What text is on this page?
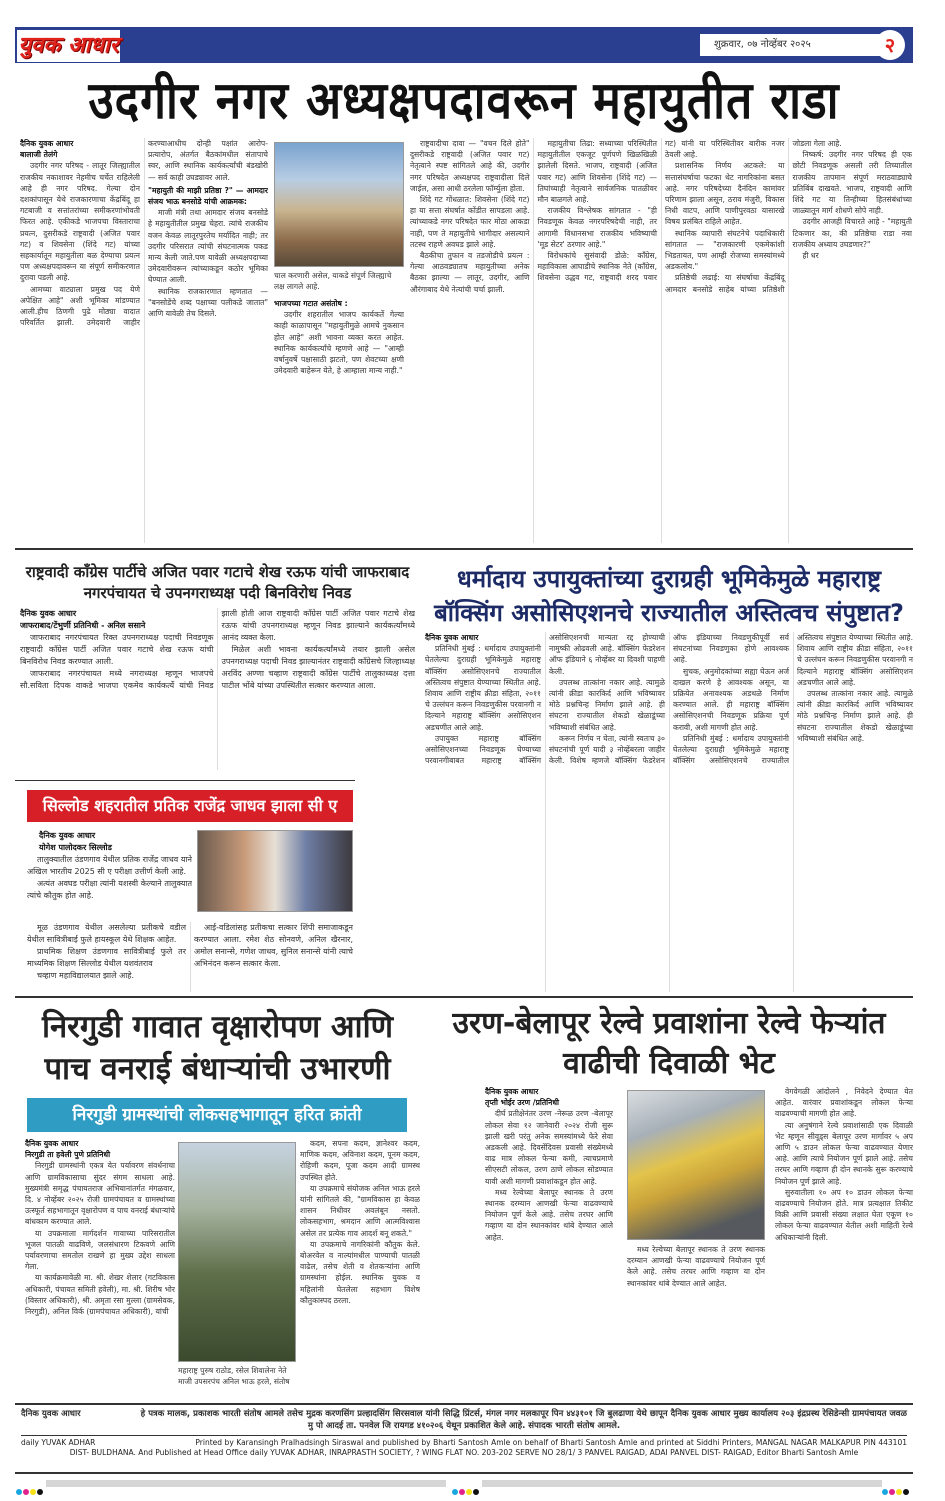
युवक आधार	शुक्रवार, ०७ नोव्हेंबर २०२५	२
उदगीर नगर अध्यक्षपदावरून महायुतीत राडा

दैनिक युवक आधार

बालाजी तेलंगे

उदगीर नगर परिषद - लातूर जिल्ह्यातील राजकीय नकाशावर नेहमीच चर्चेत राहिलेली आहे ही नगर परिषद. गेल्या दोन दशकांपासून येथे राजकारणाचा केंद्रबिंदू हा गटबाजी व सत्तांतरांच्या समीकरणांभोवती फिरत आहे. एकीकडे भाजपचा विस्ताराचा प्रयत्न, दुसरीकडे राष्ट्रवादी (अजित पवार गट) व शिवसेना (शिंदे गट) यांच्या सहकार्यातून महायुतीला बळ देण्याचा प्रयत्न पण अध्यक्षपदावरून या संपूर्ण समीकरणात दुरावा पडली आहे.

आमच्या वाट्याला प्रमुख पद येणे अपेक्षित आहे" अशी भूमिका मांडण्यात आली.हीच ठिणगी पुढे मोठ्या वादात परिवर्तित झाली. उमेदवारी जाहीर करण्याआधीच दोन्ही पक्षांत आरोप-प्रत्यारोप, अंतर्गत बैठकांमधील संतापाचे स्वर, आणि स्थानिक कार्यकर्त्यांची बंडखोरी — सर्व काही उघड्यावर आले.

"महायुती की माझी प्रतिष्ठा ?" — आमदार संजय भाऊ बनसोडे यांची आक्रमक:

माजी मंत्री तथा आमदार संजय बनसोडे हे महायुतीतील प्रमुख चेहरा. त्यांचे राजकीय वजन केवळ लातूरपुरतेच मर्यादित नाही; तर उदगीर परिसरात त्यांची संघटनात्मक पकड मान्य केली जाते.पण यावेळी अध्यक्षपदाच्या उमेदवारीवरून त्यांच्याकडून कठोर भूमिका घेण्यात आली.

स्थानिक राजकारणात म्हणतात — "बनसोडेंचे शब्द पक्षाच्या पलीकडे जातात" आणि यावेळी तेच दिसले.

चाल करणारी असेल, याकडे संपूर्ण जिल्ह्याचे लक्ष लागले आहे.

भाजपच्या गटात असंतोष :

उदगीर शहरातील भाजप कार्यकर्ते गेल्या काही काळापासून "महायुतीमुळे आमचे नुकसान होत आहे" अशी भावना व्यक्त करत आहेत. स्थानिक कार्यकर्त्यांचे म्हणणे आहे — "आम्ही वर्षानुवर्षे पक्षासाठी झटतो, पण शेवटच्या क्षणी उमेदवारी बाहेरून येते, हे आम्हाला मान्य नाही."

राष्ट्रवादीचा दावा — "वचन दिले होते" दुसरीकडे राष्ट्रवादी (अजित पवार गट) नेतृत्वाने स्पष्ट सांगितले आहे की, उदगीर नगर परिषदेत अध्यक्षपद राष्ट्रवादीला दिले जाईल, असा आधी ठरलेला फॉर्म्युला होता.

शिंदे गट गोंधळात: शिवसेना (शिंदे गट) हा या सत्ता संघर्षात कोंडीत सापडला आहे. त्यांच्याकडे नगर परिषदेत फार मोठा आकडा नाही, पण ते महायुतीचे भागीदार असल्याने तटस्थ राहणे अवघड झाले आहे.

बैठकीचा तुफान व तडजोडीचे प्रयत्न : गेल्या आठवड्यातच महायुतीच्या अनेक बैठका झाल्या — लातूर, उदगीर, आणि औरंगाबाद येथे नेत्यांची चर्चा झाली.

महायुतीचा तिढा: सध्याच्या परिस्थितीत महायुतीतील एकजूट पूर्णपणे खिळखिळी झालेली दिसते. भाजप, राष्ट्रवादी (अजित पवार गट) आणि शिवसेना (शिंदे गट) — तिघांच्याही नेतृत्वाने सार्वजनिक पातळीवर मौन बाळगले आहे.

राजकीय विश्लेषक सांगतात - "ही निवडणूक केवळ नगरपरिषदेची नाही, तर आगामी विधानसभा राजकीय भविष्याची 'मूड सेटर' ठरणार आहे."

विरोधकांचे सुसंवादी डोळे: काँग्रेस, महाविकास आघाडीचे स्थानिक नेते (काँग्रेस, शिवसेना उद्धव गट, राष्ट्रवादी शरद पवार गट) यांनी या परिस्थितीवर बारीक नजर ठेवली आहे.

प्रशासनिक निर्णय अटकले: या सत्तासंघर्षाचा फटका थेट नागरिकांना बसत आहे. नगर परिषदेच्या दैनंदिन कामांवर परिणाम झाला असून, ठराव मंजुरी, विकास निधी वाटप, आणि पाणीपुरवठा यासारखे विषय प्रलंबित राहिले आहेत.

स्थानिक व्यापारी संघटनेचे पदाधिकारी सांगतात — "राजकारणी एकमेकांशी भिडतायत, पण आम्ही रोजच्या समस्यांमध्ये अडकलोय."

प्रतिष्ठेची लढाई: या संघर्षाचा केंद्रबिंदू आमदार बनसोडे साहेब यांच्या प्रतिष्ठेशी जोडला गेला आहे.

निष्कर्ष: उदगीर नगर परिषद ही एक छोटी निवडणूक असली तरी तिच्यातील राजकीय तापमान संपूर्ण मराठवाड्याचे प्रतिबिंब दाखवते. भाजप, राष्ट्रवादी आणि शिंदे गट या तिन्हीच्या हितसंबंधांच्या जाळ्यातून मार्ग शोधणे सोपे नाही.

उदगीर आजही विचारते आहे - "महायुती टिकणार का, की प्रतिष्ठेचा राडा नवा राजकीय अध्याय उघडणार?"

ही धर

राष्ट्रवादी कॉंग्रेस पार्टीचे अजित पवार गटाचे शेख रऊफ यांची जाफराबाद नगरपंचायत चे उपनगराध्यक्ष पदी बिनविरोध निवड

दैनिक युवक आधार

जाफराबाद/टेंभुर्णी प्रतिनिधी - अनिल ससाने

जाफराबाद नगरपंचायत रिक्त उपनगराध्यक्ष पदाची निवडणूक राष्ट्रवादी कॉंग्रेस पार्टी अजित पवार गटाचे शेख रऊफ यांची बिनविरोध निवड करण्यात आली.

जाफराबाद नगरपंचायत मध्ये नगराध्यक्ष म्हणून भाजपचे सौ.सविता दिपक वाकडे भाजपा एकमेव कार्यकर्त्ये यांची निवड झाली होती आज राष्ट्रवादी कॉंग्रेस पार्टी अजित पवार गटाचे शेख रऊफ यांची उपनगराध्यक्ष म्हणून निवड झाल्याने कार्यकर्त्यांमध्ये आनंद व्यक्त केला.

मिळेल अशी भावना कार्यकर्त्यांमध्ये तयार झाली असेल उपनगराध्यक्ष पदाची निवड झाल्यानंतर राष्ट्रवादी कॉंग्रेसचे जिल्हाध्यक्ष अरविंद अण्णा चव्हाण राष्ट्रवादी कॉंग्रेस पार्टीचे तालुकाध्यक्ष दत्ता पाटील भोंबे यांच्या उपस्थितीत सत्कार करण्यात आला.

धर्मादाय उपायुक्तांच्या दुराग्रही भूमिकेमुळे महाराष्ट्र बॉक्सिंग असोसिएशनचे राज्यातील अस्तित्वच संपुष्टात?

दैनिक युवक आधार

प्रतिनिधी मुंबई : धर्मादाय उपायुक्तांनी घेतलेल्या दुराग्रही भूमिकेमुळे महाराष्ट्र बॉक्सिंग असोसिएशनचे राज्यातील अस्तित्वच संपुष्टात येण्याच्या स्थितीत आहे. शिवाय आणि राष्ट्रीय क्रीडा संहिता, २०११ चे उल्लंघन करून निवडणुकीस परवानगी न दिल्याने महाराष्ट्र बॉक्सिंग असोसिएशन अडचणीत आले आहे.

उपायुक्त महाराष्ट्र बॉक्सिंग असोसिएशनच्या निवडणूक घेण्याच्या परवानगीबाबत महाराष्ट्र बॉक्सिंग असोसिएशनची मान्यता रद्द होण्याची नामुष्की ओढवली आहे. बॉक्सिंग फेडरेशन ऑफ इंडियाने ६ नोव्हेंबर या दिवशी पाहणी केली.

उपलब्ध तात्कांना नकार आहे. त्यामुळे त्यांनी क्रीडा कारकिर्द आणि भविष्यावर मोठे प्रश्नचिन्ह निर्माण झाले आहे. ही संघटना राज्यातील शेकडो खेळाडूंच्या भविष्याशी संबंधित आहे.

करून निर्णय न घेता, त्यांनी स्वतःच ३० संघटनांची पूर्ण यादी ३ नोव्हेंबरला जाहीर केली. विशेष म्हणजे बॉक्सिंग फेडरेशन ऑफ इंडियाच्या निवडणुकीपूर्वी सर्व संघटनांच्या निवडणुका होणे आवश्यक आहे.

सुचक, अनुमोदकांच्या सह्या घेऊन अर्ज दाखल करणे हे आवश्यक असून, या प्रक्रियेत अनावश्यक अडथळे निर्माण करण्यात आले. ही महाराष्ट्र बॉक्सिंग असोसिएशनची निवडणूक प्रक्रिया पूर्ण करावी, अशी मागणी होत आहे.

प्रतिनिधी मुंबई : धर्मादाय उपायुक्तांनी घेतलेल्या दुराग्रही भूमिकेमुळे महाराष्ट्र बॉक्सिंग असोसिएशनचे राज्यातील अस्तित्वच संपुष्टात येण्याच्या स्थितीत आहे. शिवाय आणि राष्ट्रीय क्रीडा संहिता, २०११ चे उल्लंघन करून निवडणुकीस परवानगी न दिल्याने महाराष्ट्र बॉक्सिंग असोसिएशन अडचणीत आले आहे.

उपलब्ध तात्कांना नकार आहे. त्यामुळे त्यांनी क्रीडा कारकिर्द आणि भविष्यावर मोठे प्रश्नचिन्ह निर्माण झाले आहे. ही संघटना राज्यातील शेकडो खेळाडूंच्या भविष्याशी संबंधित आहे.

सिल्लोड शहरातील प्रतिक राजेंद्र जाधव झाला सी ए

दैनिक युवक आधार

योगेश पालोदकर सिल्लोड

तालुक्यातील उंडणगाव येथील प्रतिक राजेंद्र जाधव याने अखिल भारतीय 2025 सी ए परीक्षा उत्तीर्ण केली आहे.

अत्यंत अवघड परीक्षा त्यांनी यशस्वी केल्याने तालुक्यात त्यांचे कौतुक होत आहे.

मूळ उंडणगाव येथील असलेल्या प्रतीकचे वडील येथील सावित्रीबाई फुले हायस्कूल येथे शिक्षक आहेत.

प्राथमिक शिक्षण उंडणगाव सावित्रीबाई फुले तर माध्यमिक शिक्षण सिल्लोड येथील यशवंतराव

चव्हाण महाविद्यालयात झाले आहे.

आई-वडिलांसह प्रतीकचा सत्कार शिंपी समाजाकडून करण्यात आला. रमेश शेठ सोनवणे, अनिल खैरनार, अमोल सनान्से, गणेश जाधव, सुनिल सनान्से यांनी त्याचे अभिनंदन करून सत्कार केला.

निरगुडी गावात वृक्षारोपण आणि पाच वनराई बंधाऱ्यांची उभारणी
निरगुडी ग्रामस्थांची लोकसहभागातून हरित क्रांती

दैनिक युवक आधार

निरगुडी ता हवेली पुणे प्रतिनिधी

निरगुडी ग्रामस्थांनी एकत्र येत पर्यावरण संवर्धनाचा आणि ग्रामविकासाचा सुंदर संगम साधला आहे. मुख्यमंत्री समृद्ध पंचायतराज अभियानांतर्गत मंगळवार, दि. ४ नोव्हेंबर २०२५ रोजी ग्रामपंचायत व ग्रामस्थांच्या उत्स्फूर्त सहभागातून वृक्षारोपण व पाच वनराई बंधाऱ्यांचे बांधकाम करण्यात आले.

या उपक्रमाला मार्गदर्शन गावाच्या पारिसरातील भूजल पातळी वाढविणे, जलसंधारण टिकवणे आणि पर्यावरणाचा समतोल राखणे हा मुख्य उद्देश साधला गेला.

या कार्यक्रमावेळी मा. श्री. शेखर शेलार (गटविकास अधिकारी, पंचायत समिती हवेली), मा. श्री. शिरीष भोर (विस्तार अधिकारी), श्री. अमृता रसा मुल्ला (ग्रामसेवक, निरगुडी), अनिल विर्क (ग्रामपंचायत अधिकारी), यांची

महाराष्ट्र पुरुष राठोड, रसेल शिवालेना नेते माजी उपसरपंच अनिल भाऊ हरले, संतोष

कदम, सपना कदम, ज्ञानेश्वर कदम, माणिक कदम, अविनाश कदम, पूनम कदम, रोहिणी कदम, पूजा कदम आदी ग्रामस्थ उपस्थित होते.

या उपक्रमाचे संयोजक अनिल भाऊ हरले यांनी सांगितले की, "ग्रामविकास हा केवळ शासन निधीवर अवलंबून नसतो. लोकसहभाग, श्रमदान आणि आत्मविश्वास असेल तर प्रत्येक गाव आदर्श बनू शकते."

या उपक्रमाचे नागरिकांनी कौतुक केले. बोअरवेल व नाल्यांमधील पाण्याची पातळी वाढेल, तसेच शेती व शेतकऱ्यांना आणि ग्रामस्थांना होईल. स्थानिक युवक व महिलांनी घेतलेला सहभाग विशेष कौतुकास्पद ठरला.

उरण-बेलापूर रेल्वे प्रवाशांना रेल्वे फेऱ्यांत वाढीची दिवाळी भेट

दैनिक युवक आधार

तृप्ती भोईर उरण /प्रतिनिधी

दीर्घ प्रतीक्षेनंतर उरण -नेरूळ उरण -बेलापूर लोकल सेवा १२ जानेवारी २०२४ रोजी सुरू झाली खरी परंतु अनेक समस्यांमध्ये फेरे सेवा अडकली आहे. दिवसेंदिवस प्रवासी संख्येमध्ये वाढ मात्र लोकल फेऱ्या कमी, त्याचप्रमाणे सीएसटी लोकल, उरण ठाणे लोकल सोडण्यात यावी अशी मागणी प्रवाशांकडून होत आहे.

मध्य रेल्वेच्या बेलापूर स्थानक ते उरण स्थानक दरम्यान आणखी फेऱ्या वाढवण्याचे नियोजन पूर्ण केले आहे. तसेच तरघर आणि गव्हाण या दोन स्थानकांवर थांबे देण्यात आले आहेत.

मध्य रेल्वेच्या बेलापूर स्थानक ते उरण स्थानक दरम्यान आणखी फेऱ्या वाढवण्याचे नियोजन पूर्ण केले आहे. तसेच तरघर आणि गव्हाण या दोन स्थानकांवर थांबे देण्यात आले आहेत.

वेगवेगळी आंदोलने , निवेदने देण्यात येत आहेत. वारंवार प्रवाशांकडून लोकल फेऱ्या वाढवण्याची मागणी होत आहे.

त्या अनुषंगाने रेल्वे प्रवाशांसाठी एक दिवाळी भेट म्हणून सीवूड्स बेलापूर उरण मार्गावर ५ अप आणि ५ डाउन लोकल फेऱ्या वाढवण्यात येणार आहे. आणि त्याचे नियोजन पूर्ण झाले आहे. तसेच तरघर आणि गव्हाण ही दोन स्थानके सुरू करण्याचे नियोजन पूर्ण झाले आहे.

सुरुवातीला १० अप १० डाउन लोकल फेऱ्या वाढवण्याचे नियोजन होते. मात्र प्रत्यक्षात तिकीट विक्री आणि प्रवासी संख्या लक्षात घेता एकूण १० लोकल फेऱ्या वाढवण्यात येतील अशी माहिती रेल्वे अधिकाऱ्यांनी दिली.

दैनिक युवक आधार	हे पत्रक मालक, प्रकाशक भारती संतोष आमले तसेच मुद्रक करणसिंग प्रल्हादसिंग सिरसवाल यांनी सिद्धि प्रिंटर्स, मंगल नगर मलकापूर पिन ४४३१०१ जि बुलढाणा येथे छापून दैनिक युवक आधार मुख्य कार्यालय २०३ इंद्रप्रस्थ रेसिडेन्सी ग्रामपंचायत जवळ मु पो आदई ता. पनवेल जि रायगड ४१०२०६ येथून प्रकाशित केले आहे. संपादक भारती संतोष आमले.
daily YUVAK ADHAR	Printed by Karansingh Pralhadsingh Siraswal and published by Bharti Santosh Amle on behalf of Bharti Santosh Amle and printed at Siddhi Printers, MANGAL NAGAR MALKAPUR PIN 443101 DIST- BULDHANA. And Published at Head Office daily YUVAK ADHAR, INRAPRASTH SOCIETY, ? WING FLAT NO. 203-202 SERVE NO 28/1/ 3 PANVEL RAIGAD, ADAI PANVEL DIST- RAIGAD, Editor Bharti Santosh Amle
